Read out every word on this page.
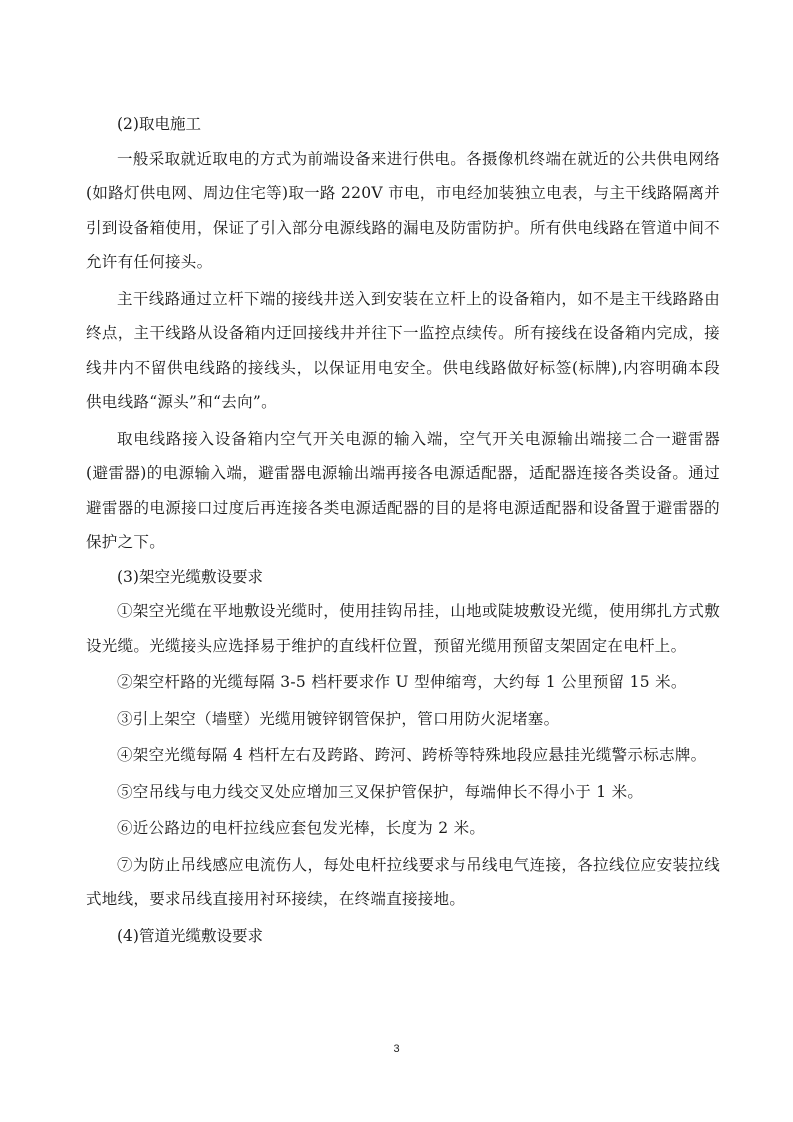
(2)取电施工

一般采取就近取电的方式为前端设备来进行供电。各摄像机终端在就近的公共供电网络(如路灯供电网、周边住宅等)取一路 220V 市电，市电经加装独立电表，与主干线路隔离并引到设备箱使用，保证了引入部分电源线路的漏电及防雷防护。所有供电线路在管道中间不允许有任何接头。

主干线路通过立杆下端的接线井送入到安装在立杆上的设备箱内，如不是主干线路路由终点，主干线路从设备箱内迂回接线井并往下一监控点续传。所有接线在设备箱内完成，接线井内不留供电线路的接线头，以保证用电安全。供电线路做好标签(标牌),内容明确本段供电线路“源头”和“去向”。

取电线路接入设备箱内空气开关电源的输入端，空气开关电源输出端接二合一避雷器(避雷器)的电源输入端，避雷器电源输出端再接各电源适配器，适配器连接各类设备。通过避雷器的电源接口过度后再连接各类电源适配器的目的是将电源适配器和设备置于避雷器的保护之下。

(3)架空光缆敷设要求

①架空光缆在平地敷设光缆时，使用挂钩吊挂，山地或陡坡敷设光缆，使用绑扎方式敷设光缆。光缆接头应选择易于维护的直线杆位置，预留光缆用预留支架固定在电杆上。

②架空杆路的光缆每隔 3-5 档杆要求作 U 型伸缩弯，大约每 1 公里预留 15 米。

③引上架空（墙壁）光缆用镀锌钢管保护，管口用防火泥堵塞。

④架空光缆每隔 4 档杆左右及跨路、跨河、跨桥等特殊地段应悬挂光缆警示标志牌。

⑤空吊线与电力线交叉处应增加三叉保护管保护，每端伸长不得小于 1 米。

⑥近公路边的电杆拉线应套包发光棒，长度为 2 米。

⑦为防止吊线感应电流伤人，每处电杆拉线要求与吊线电气连接，各拉线位应安装拉线式地线，要求吊线直接用衬环接续，在终端直接接地。

(4)管道光缆敷设要求

3
